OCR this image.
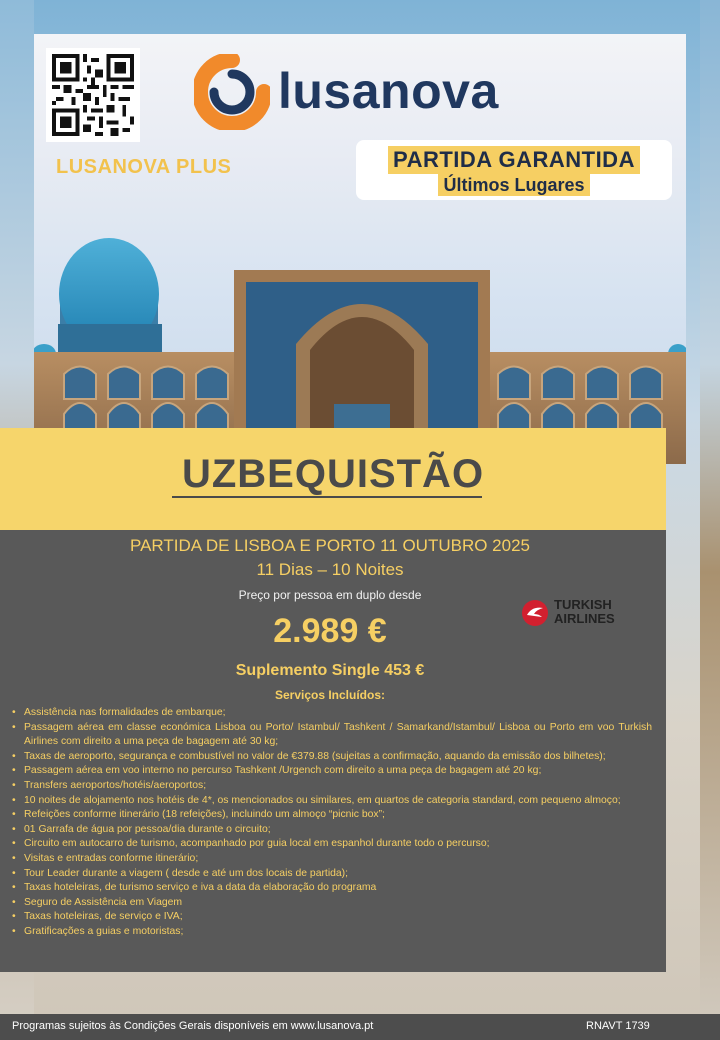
lusanova
LUSANOVA PLUS	PARTIDA GARANTIDA
Últimos Lugares
UZBEQUISTÃO
PARTIDA DE LISBOA E PORTO 11 OUTUBRO 2025
11 Dias – 10 Noites
Preço por pessoa em duplo desde
2.989 €
TURKISH
AIRLINES
Suplemento Single 453 €
Serviços Incluídos:
• Assistência nas formalidades de embarque;
• Passagem aérea em classe económica Lisboa ou Porto/ Istambul/ Tashkent / Samarkand/Istambul/ Lisboa ou Porto em voo Turkish Airlines com direito a uma peça de bagagem até 30 kg;
• Taxas de aeroporto, segurança e combustível no valor de €379.88 (sujeitas a confirmação, aquando da emissão dos bilhetes);
• Passagem aérea em voo interno no percurso Tashkent /Urgench com direito a uma peça de bagagem até 20 kg;
• Transfers aeroportos/hotéis/aeroportos;
• 10 noites de alojamento nos hotéis de 4*, os mencionados ou similares, em quartos de categoria standard, com pequeno almoço;
• Refeições conforme itinerário (18 refeições), incluindo um almoço “picnic box”;
• 01 Garrafa de água por pessoa/dia durante o circuito;
• Circuito em autocarro de turismo, acompanhado por guia local em espanhol durante todo o percurso;
• Visitas e entradas conforme itinerário;
• Tour Leader durante a viagem ( desde e até um dos locais de partida);
• Taxas hoteleiras, de turismo serviço e iva a data da elaboração do programa
• Seguro de Assistência em Viagem
• Taxas hoteleiras, de serviço e IVA;
• Gratificações a guias e motoristas;
Programas sujeitos às Condições Gerais disponíveis em www.lusanova.pt	RNAVT 1739
